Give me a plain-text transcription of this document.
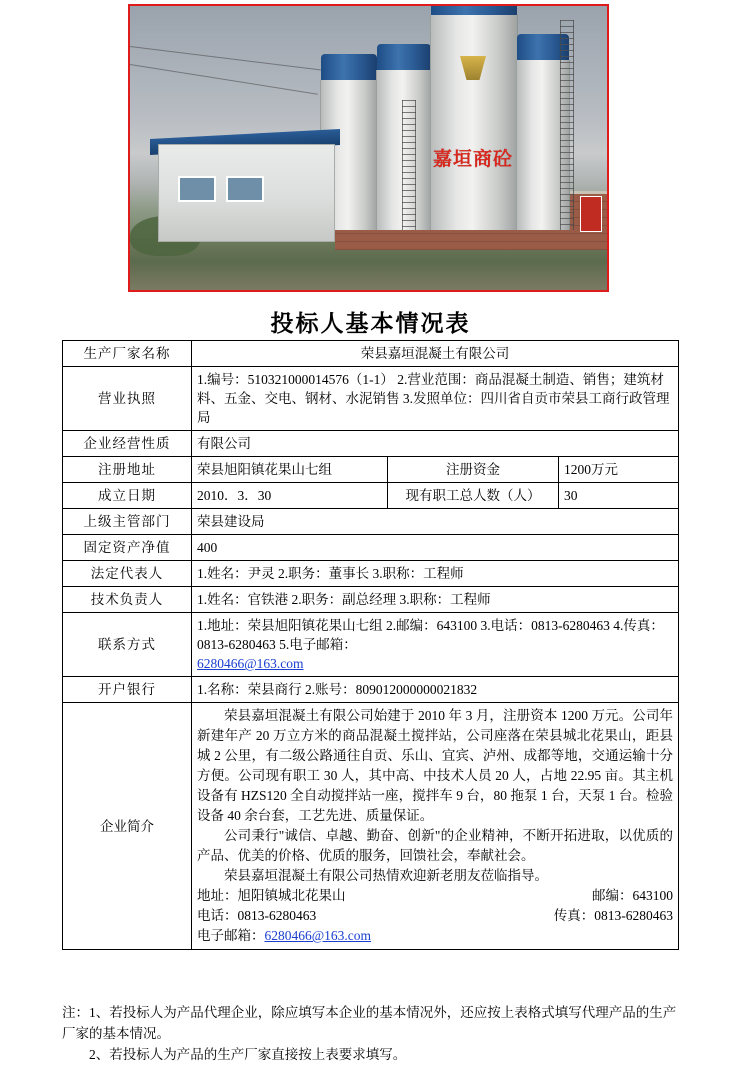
嘉垣商砼
投标人基本情况表
生产厂家名称	荣县嘉垣混凝土有限公司		
营业执照	1.编号：510321000014576（1-1） 2.营业范围：商品混凝土制造、销售；建筑材料、五金、交电、钢材、水泥销售 3.发照单位：四川省自贡市荣县工商行政管理局		
企业经营性质	有限公司		
注册地址	荣县旭阳镇花果山七组	注册资金	1200万元
成立日期	2010．3．30	现有职工总人数（人）	30
上级主管部门	荣县建设局		
固定资产净值	400		
法定代表人	1.姓名：尹灵 2.职务：董事长 3.职称：工程师		
技术负责人	1.姓名：官铁港 2.职务：副总经理 3.职称：工程师		
联系方式	1.地址：荣县旭阳镇花果山七组 2.邮编：643100 3.电话：0813-6280463 4.传真：0813-6280463 5.电子邮箱：
6280466@163.com		
开户银行	1.名称：荣县商行 2.账号：809012000000021832		
企业简介	

荣县嘉垣混凝土有限公司始建于 2010 年 3 月，注册资本 1200 万元。公司年新建年产 20 万立方米的商品混凝土搅拌站，公司座落在荣县城北花果山，距县城 2 公里，有二级公路通往自贡、乐山、宜宾、泸州、成都等地，交通运输十分方便。公司现有职工 30 人，其中高、中技术人员 20 人，占地 22.95 亩。其主机设备有 HZS120 全自动搅拌站一座，搅拌车 9 台，80 拖泵 1 台，天泵 1 台。检验设备 40 余台套，工艺先进、质量保证。

公司秉行"诚信、卓越、勤奋、创新"的企业精神，不断开拓进取，以优质的产品、优美的价格、优质的服务，回馈社会，奉献社会。

荣县嘉垣混凝土有限公司热情欢迎新老朋友莅临指导。

地址：旭阳镇城北花果山	邮编：643100
电话：0813-6280463	传真：0813-6280463
电子邮箱：6280466@163.com

注：1、若投标人为产品代理企业，除应填写本企业的基本情况外，还应按上表格式填写代理产品的生产厂家的基本情况。

2、若投标人为产品的生产厂家直接按上表要求填写。
